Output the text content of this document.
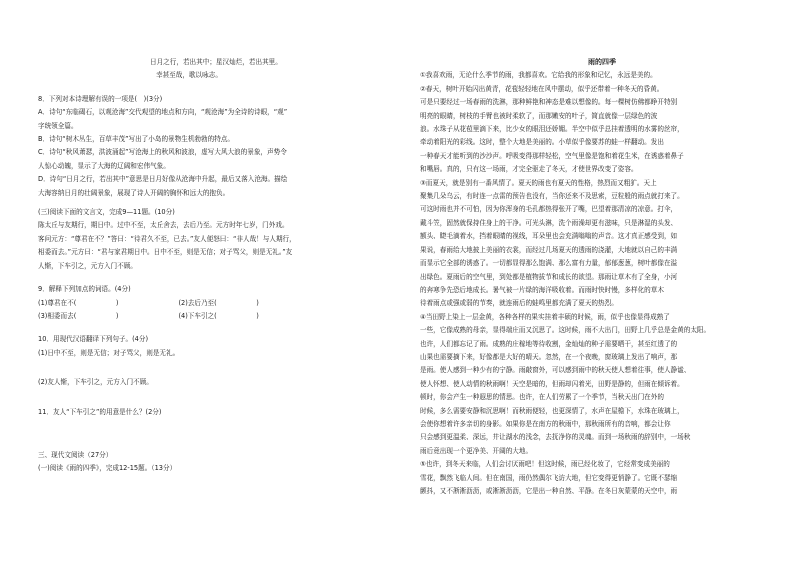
日月之行，若出其中；星汉灿烂，若出其里。
幸甚至哉，歌以咏志。
8．下列对本诗理解有误的一项是(　)(3分)
A．诗句“东临碣石，以观沧海”交代观望的地点和方向，“观沧海”为全诗的诗眼，“观”
字统领全篇。
B．诗句“树木丛生，百草丰茂”写出了小岛的景物生机勃勃的特点。
C．诗句“秋风萧瑟，洪波涌起”写沧海上的秋风和波浪，虚写大风大浪的景象，声势令
人惊心动魄，显示了大海的辽阔和宏伟气象。
D．诗句“日月之行，若出其中”意思是日月好像从沧海中升起，最后又落入沧海。描绘
大海容纳日月的壮阔景象，展现了诗人开阔的胸怀和远大的抱负。
(三)阅读下面的文言文，完成9—11题。(10分)
陈太丘与友期行，期日中。过中不至，太丘舍去，去后乃至。元方时年七岁，门外戏。
客问元方：“尊君在不？”答曰：“待君久不至，已去。”友人便怒曰：“非人哉！与人期行，
相委而去。”元方曰：“君与家君期日中。日中不至，则是无信；对子骂父，则是无礼。”友
人惭，下车引之，元方入门不顾。
9．解释下列加点的词语。(4分)
(1)尊君在不(　　　　　　)	(2)去后乃至(　　　　　　)
(3)相委而去(　　　　　　)	(4)下车引之(　　　　　　)
10．用现代汉语翻译下列句子。(4分)
(1)日中不至，则是无信；对子骂父，则是无礼。
(2)友人惭，下车引之，元方入门不顾。
11．友人“下车引之”的用意是什么？(2分)
三、现代文阅读（27分）
(一)阅读《雨的四季》，完成12-15题。（13分）
雨的四季
①我喜欢雨，无论什么季节的雨，我都喜欢。它给我的形象和记忆，永远是美的。
②春天，树叶开始闪出黄青，花苞轻轻地在风中摆动，似乎还带着一种冬天的昏黄。
可是只要经过一场春雨的洗淋，那种鲜艳和神态是难以想像的。每一棵树仿佛都睁开特别
明亮的眼睛，树枝的手臂也被时柔软了，而那嫩安的叶子，简直就像一层绿色的波
浪。水珠子从花苞里滴下来，比少女的眼泪还娇媚。半空中似乎总挂着透明的水雾的丝帘，
牵动着阳光的彩线。这时，整个大地是美丽的。小草似乎像要苏的蛙一样翻动。发出
一种春天才能听到的沙沙声。呼吸变得那样轻松，空气里像是饱和着花生米，在诱惑着鼻子
和嘴唇。真的，只有这一场雨，才完全驱走了冬天，才使世界改变了姿容。
③而夏天，就是别有一番风情了。夏天的雨也有夏天的性格，热烈而又粗犷。天上
聚集几朵乌云，有时连一点雷的预告也没有，当你还来不及思索，豆粒般的雨点就打来了。
可这时雨也并不可怕，因为你浑身的毛孔都热得张开了嘴，巴望着那清凉的凉意。打伞，
戴斗笠，固然就保持住身上的干净。可光头淋，洗个雨澡却更有滋味，只是淋湿的头发、
额头、睫毛滴着水，挡着眼睛的视线，耳朵里也会充满嗡嗡的声音。这才真正感受到，如
果说，春雨给大地披上美丽的衣裳，而经过几场夏天的透雨的浇灌，大地就以自己的丰满
而显示它全部的诱惑了。一切都显得那么饱满、那么富有力量，郁郁葱葱，树叶都像在溢
出绿色。夏雨后的空气里，到处都是植物拔节和成长的欲望。那雨让草木有了全身，小河
的奔寒争先恐后地成长。暑气被一片绿的海洋吸收着。而雨时快时慢，多样化的草木
待着雨点或强或弱的节奏，就连雨后的蛙鸣里都充满了夏天的热烈。
④当田野上染上一层金黄，各种各样的果实挂着丰硕的时候，雨，似乎也像显得成熟了
一些，它像成熟的母亲，显得端庄而又沉思了。这时候，雨不大出门，田野上几乎总是金黄的太阳。
也许，人们都忘记了雨。成熟的庄稼地等待收割，金灿灿的种子需要晒干，甚至红透了的
山果也需要摘下来，好像都是大好的晴天。忽然，在一个夜晚，窗玻璃上发出了响声，那
是雨。使人感到一种少有的宁静。雨敲窗外，可以感到雨中的秋天使人想着往事，使人静谧、
使人怀想、使人动情的秋雨啊！天空是暗的，但雨却闪着光，田野是静的，但雨在倾诉着。
顿时，你会产生一种遐思的情思。也许，在人们劳累了一个季节，当秋天出门在外的
时候，多么需要安静和沉思啊！而秋雨便轻，也更深情了，水声在屋檐下，水珠在玻璃上，
会使你想着许多亲切的身影。如果你是在南方的秋雨中，那秋雨所有的音响，都会让你
只会感到更温柔、深远，井让湖水的浅念，去抚净你的灵魂。而到一场秋雨的辞别中，一场秋
雨后竟出现一个更净美、开阔的大地。
⑤也许，到冬天来临，人们会讨厌雨吧！但这时候，雨已经化妆了，它经常变成美丽的
雪花，飘然飞临人间。但在南国，雨仍然偶尔飞访大地，但它变得更悄静了。它既不瑟缩
颤抖，又不淅淅沥沥，或淅淅沥沥，它是出一种自然、平静。在冬日灰蒙蒙的天空中，雨
